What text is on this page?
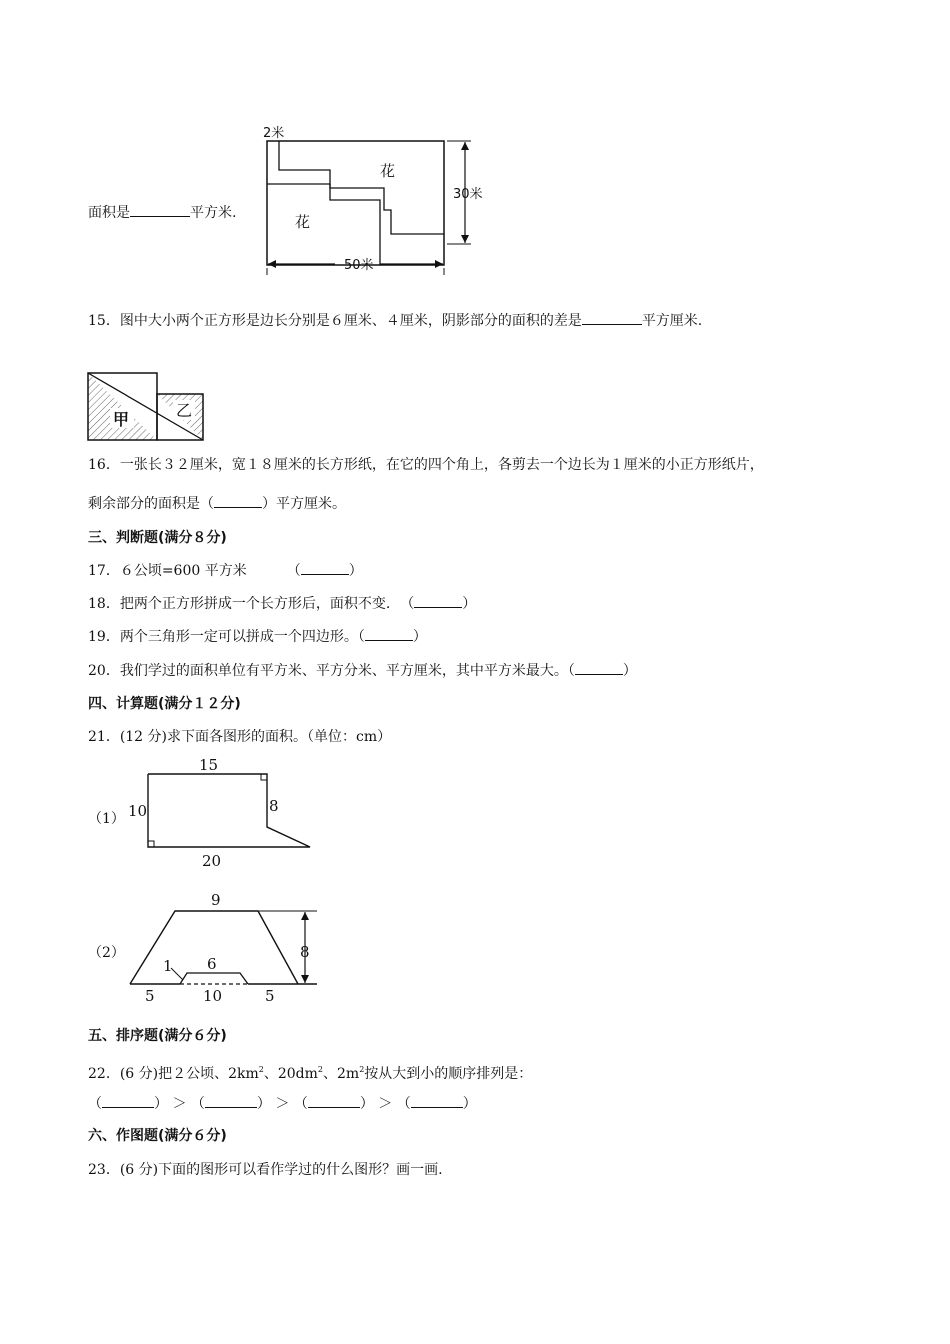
面积是	平方米.
2米
花
花
30米
50米
15．图中大小两个正方形是边长分别是６厘米、４厘米，阴影部分的面积的差是	平方厘米.
甲	乙
16．一张长３２厘米，宽１８厘米的长方形纸，在它的四个角上，各剪去一个边长为１厘米的小正方形纸片，
剩余部分的面积是（	）平方厘米。
三、判断题(满分８分)
17．６公顷=600 平方米	（	）
18．把两个正方形拼成一个长方形后，面积不变. （	）
19．两个三角形一定可以拼成一个四边形。（	）
20．我们学过的面积单位有平方米、平方分米、平方厘米，其中平方米最大。（	）
四、计算题(满分１２分)
21．(12 分)求下面各图形的面积。（单位：cm）
（1）
15
10	8
20
（2）
9
8
1 6
5	10	5
五、排序题(满分６分)
22．(6 分)把２公顷、$2km^2$、$20dm^2$、$2m^2$按从大到小的顺序排列是：
（	） ＞ （	） ＞ （	） ＞ （	）
六、作图题(满分６分)
23．(6 分)下面的图形可以看作学过的什么图形？画一画.
